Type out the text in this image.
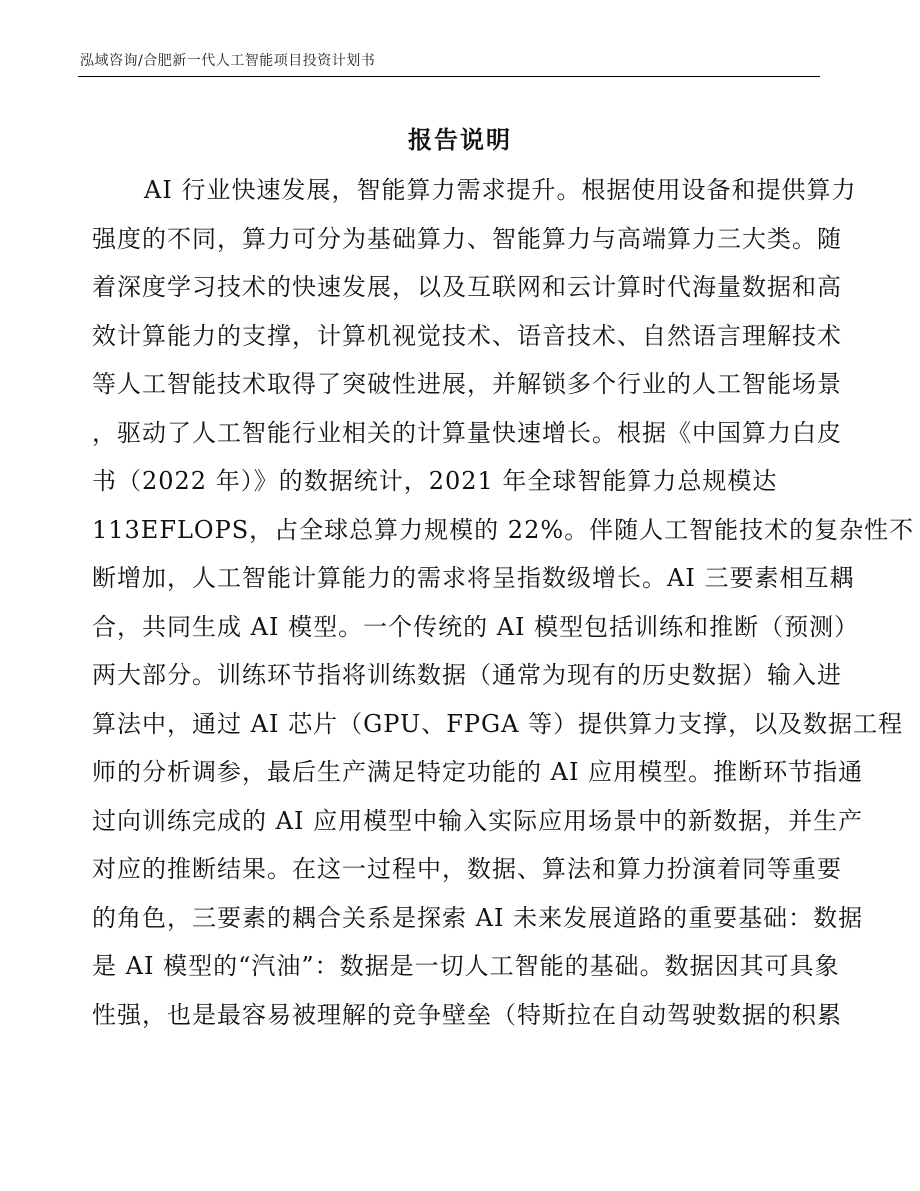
泓域咨询/合肥新一代人工智能项目投资计划书
报告说明
AI 行业快速发展，智能算力需求提升。根据使用设备和提供算力
强度的不同，算力可分为基础算力、智能算力与高端算力三大类。随
着深度学习技术的快速发展，以及互联网和云计算时代海量数据和高
效计算能力的支撑，计算机视觉技术、语音技术、自然语言理解技术
等人工智能技术取得了突破性进展，并解锁多个行业的人工智能场景
，驱动了人工智能行业相关的计算量快速增长。根据《中国算力白皮
书（2022 年）》的数据统计，2021 年全球智能算力总规模达
113EFLOPS，占全球总算力规模的 22%。伴随人工智能技术的复杂性不
断增加，人工智能计算能力的需求将呈指数级增长。AI 三要素相互耦
合，共同生成 AI 模型。一个传统的 AI 模型包括训练和推断（预测）
两大部分。训练环节指将训练数据（通常为现有的历史数据）输入进
算法中，通过 AI 芯片（GPU、FPGA 等）提供算力支撑，以及数据工程
师的分析调参，最后生产满足特定功能的 AI 应用模型。推断环节指通
过向训练完成的 AI 应用模型中输入实际应用场景中的新数据，并生产
对应的推断结果。在这一过程中，数据、算法和算力扮演着同等重要
的角色，三要素的耦合关系是探索 AI 未来发展道路的重要基础：数据
是 AI 模型的“汽油”：数据是一切人工智能的基础。数据因其可具象
性强，也是最容易被理解的竞争壁垒（特斯拉在自动驾驶数据的积累
